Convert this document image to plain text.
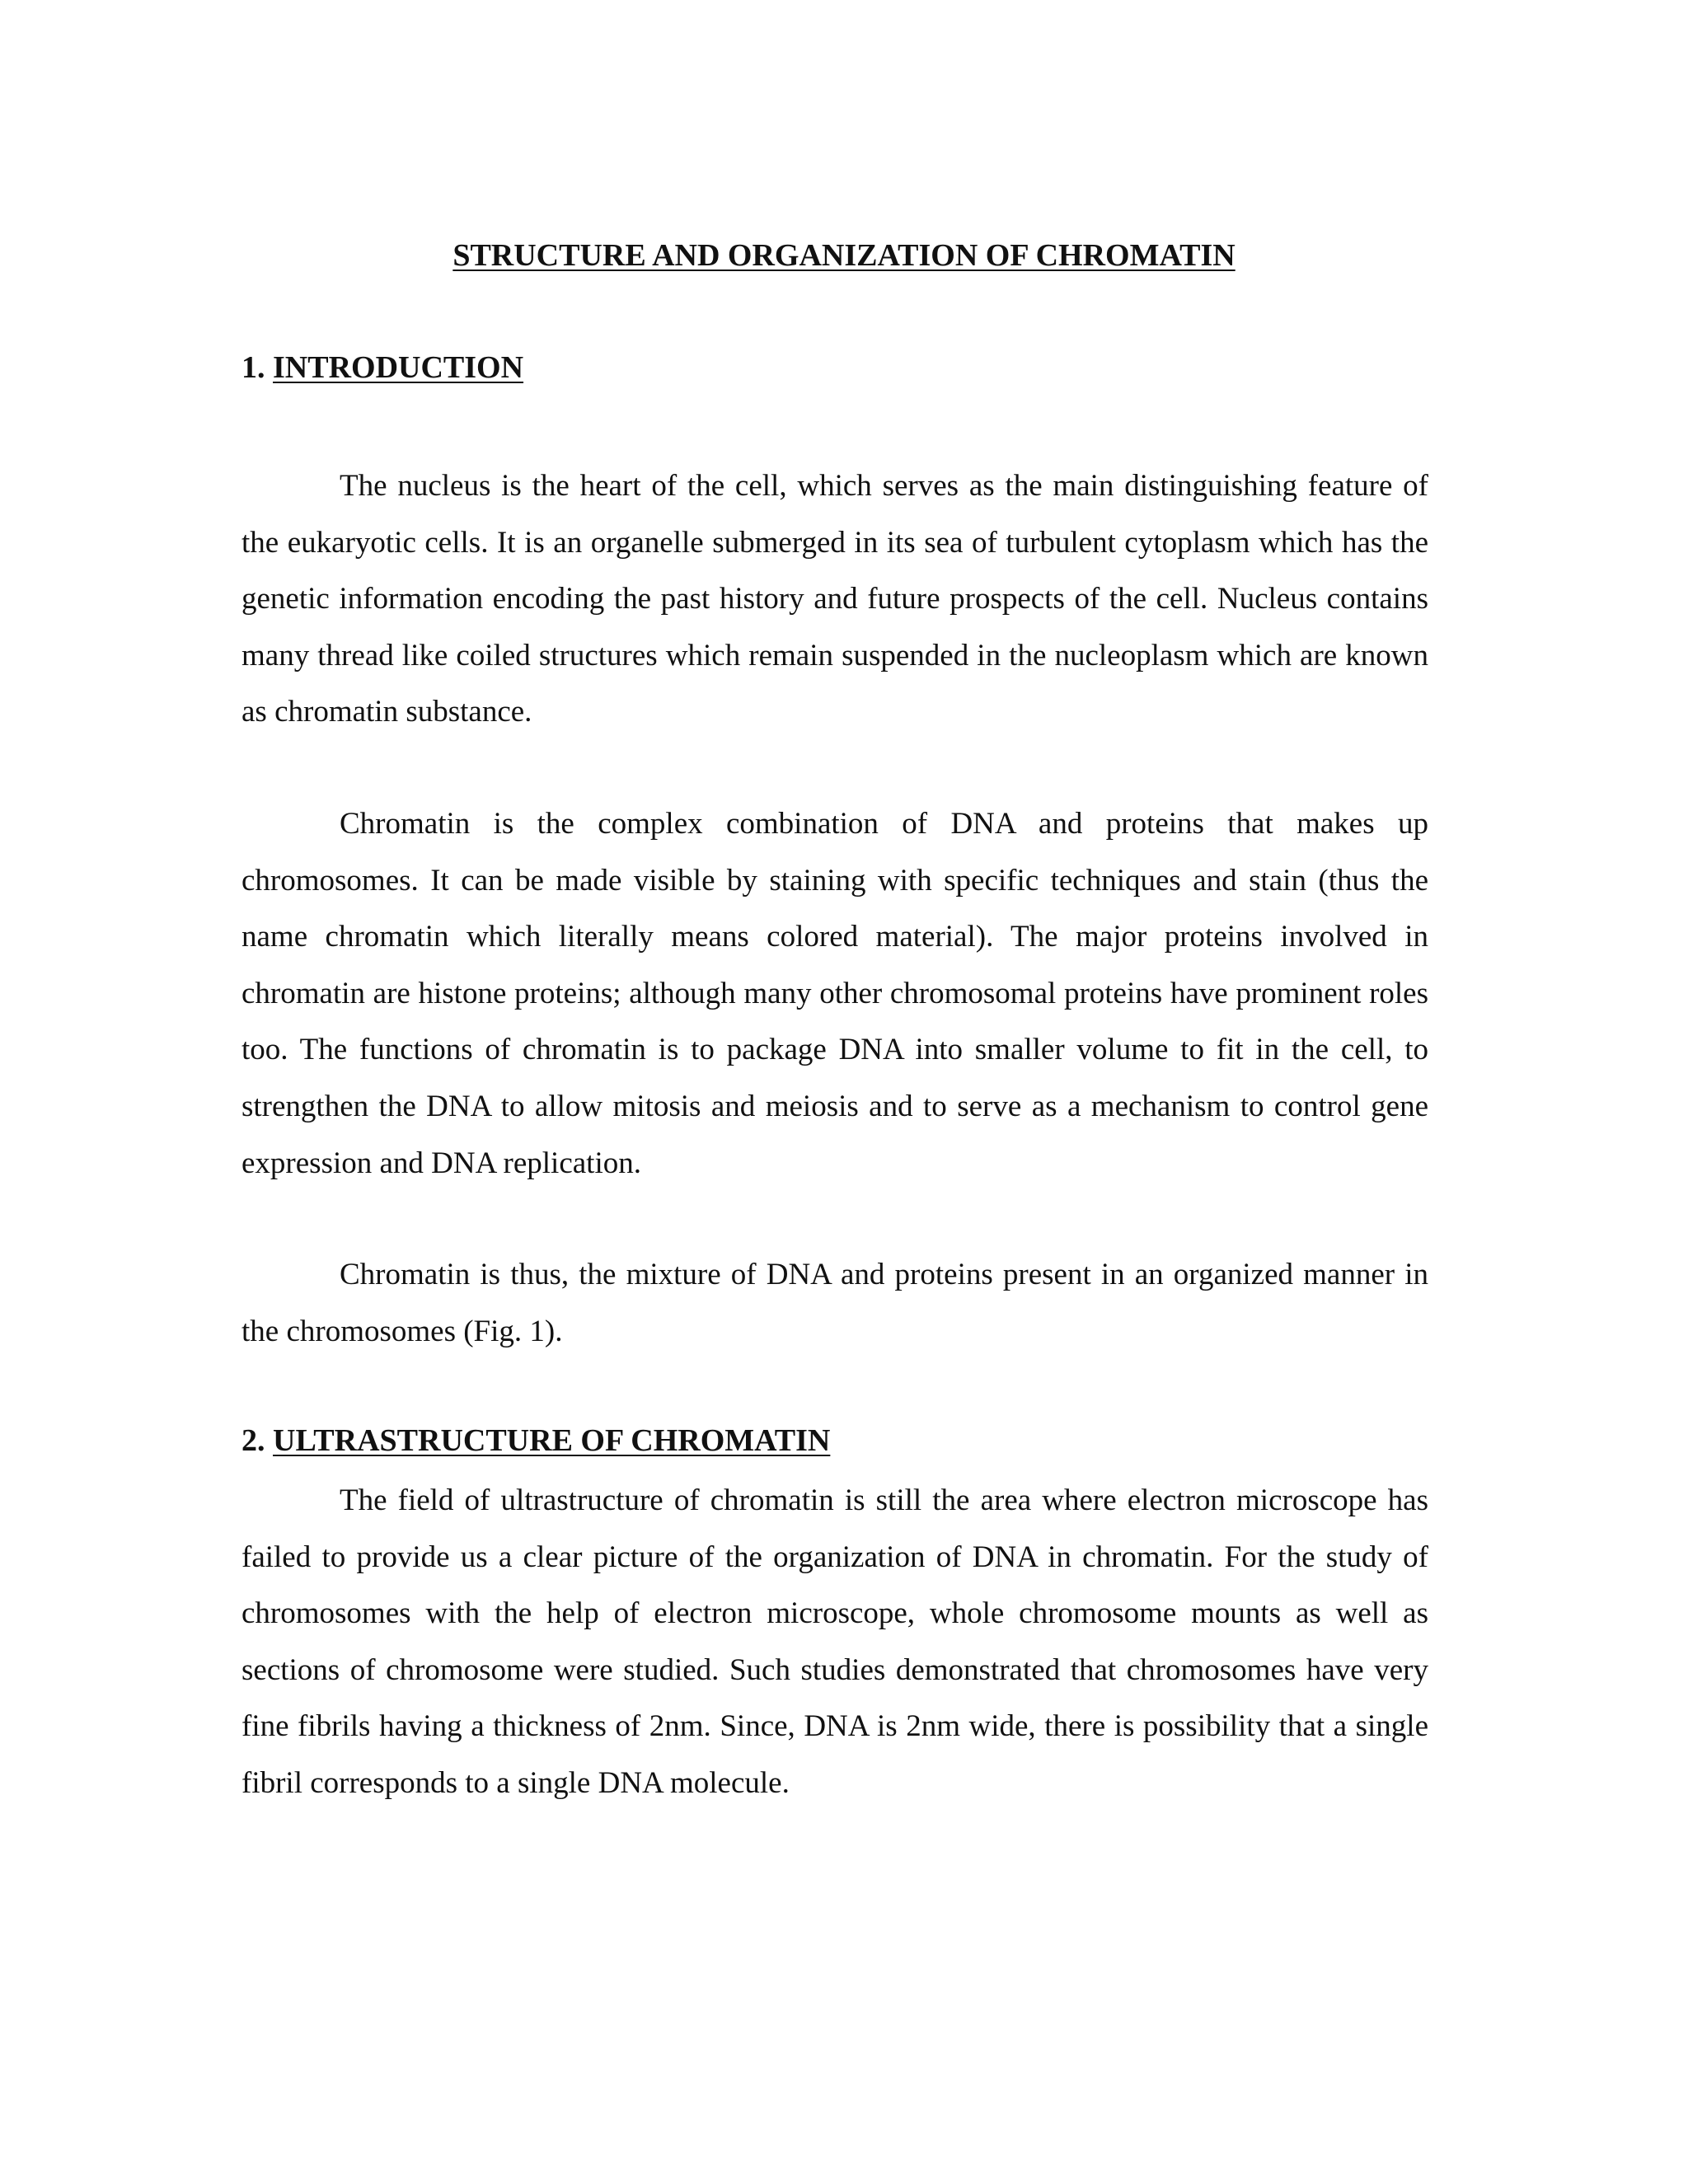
STRUCTURE AND ORGANIZATION OF CHROMATIN
1. INTRODUCTION

The nucleus is the heart of the cell, which serves as the main distinguishing feature of the eukaryotic cells. It is an organelle submerged in its sea of turbulent cytoplasm which has the genetic information encoding the past history and future prospects of the cell. Nucleus contains many thread like coiled structures which remain suspended in the nucleoplasm which are known as chromatin substance.

Chromatin is the complex combination of DNA and proteins that makes up chromosomes. It can be made visible by staining with specific techniques and stain (thus the name chromatin which literally means colored material). The major proteins involved in chromatin are histone proteins; although many other chromosomal proteins have prominent roles too. The functions of chromatin is to package DNA into smaller volume to fit in the cell, to strengthen the DNA to allow mitosis and meiosis and to serve as a mechanism to control gene expression and DNA replication.

Chromatin is thus, the mixture of DNA and proteins present in an organized manner in the chromosomes (Fig. 1).

2. ULTRASTRUCTURE OF CHROMATIN

The field of ultrastructure of chromatin is still the area where electron microscope has failed to provide us a clear picture of the organization of DNA in chromatin. For the study of chromosomes with the help of electron microscope, whole chromosome mounts as well as sections of chromosome were studied. Such studies demonstrated that chromosomes have very fine fibrils having a thickness of 2nm. Since, DNA is 2nm wide, there is possibility that a single fibril corresponds to a single DNA molecule.
